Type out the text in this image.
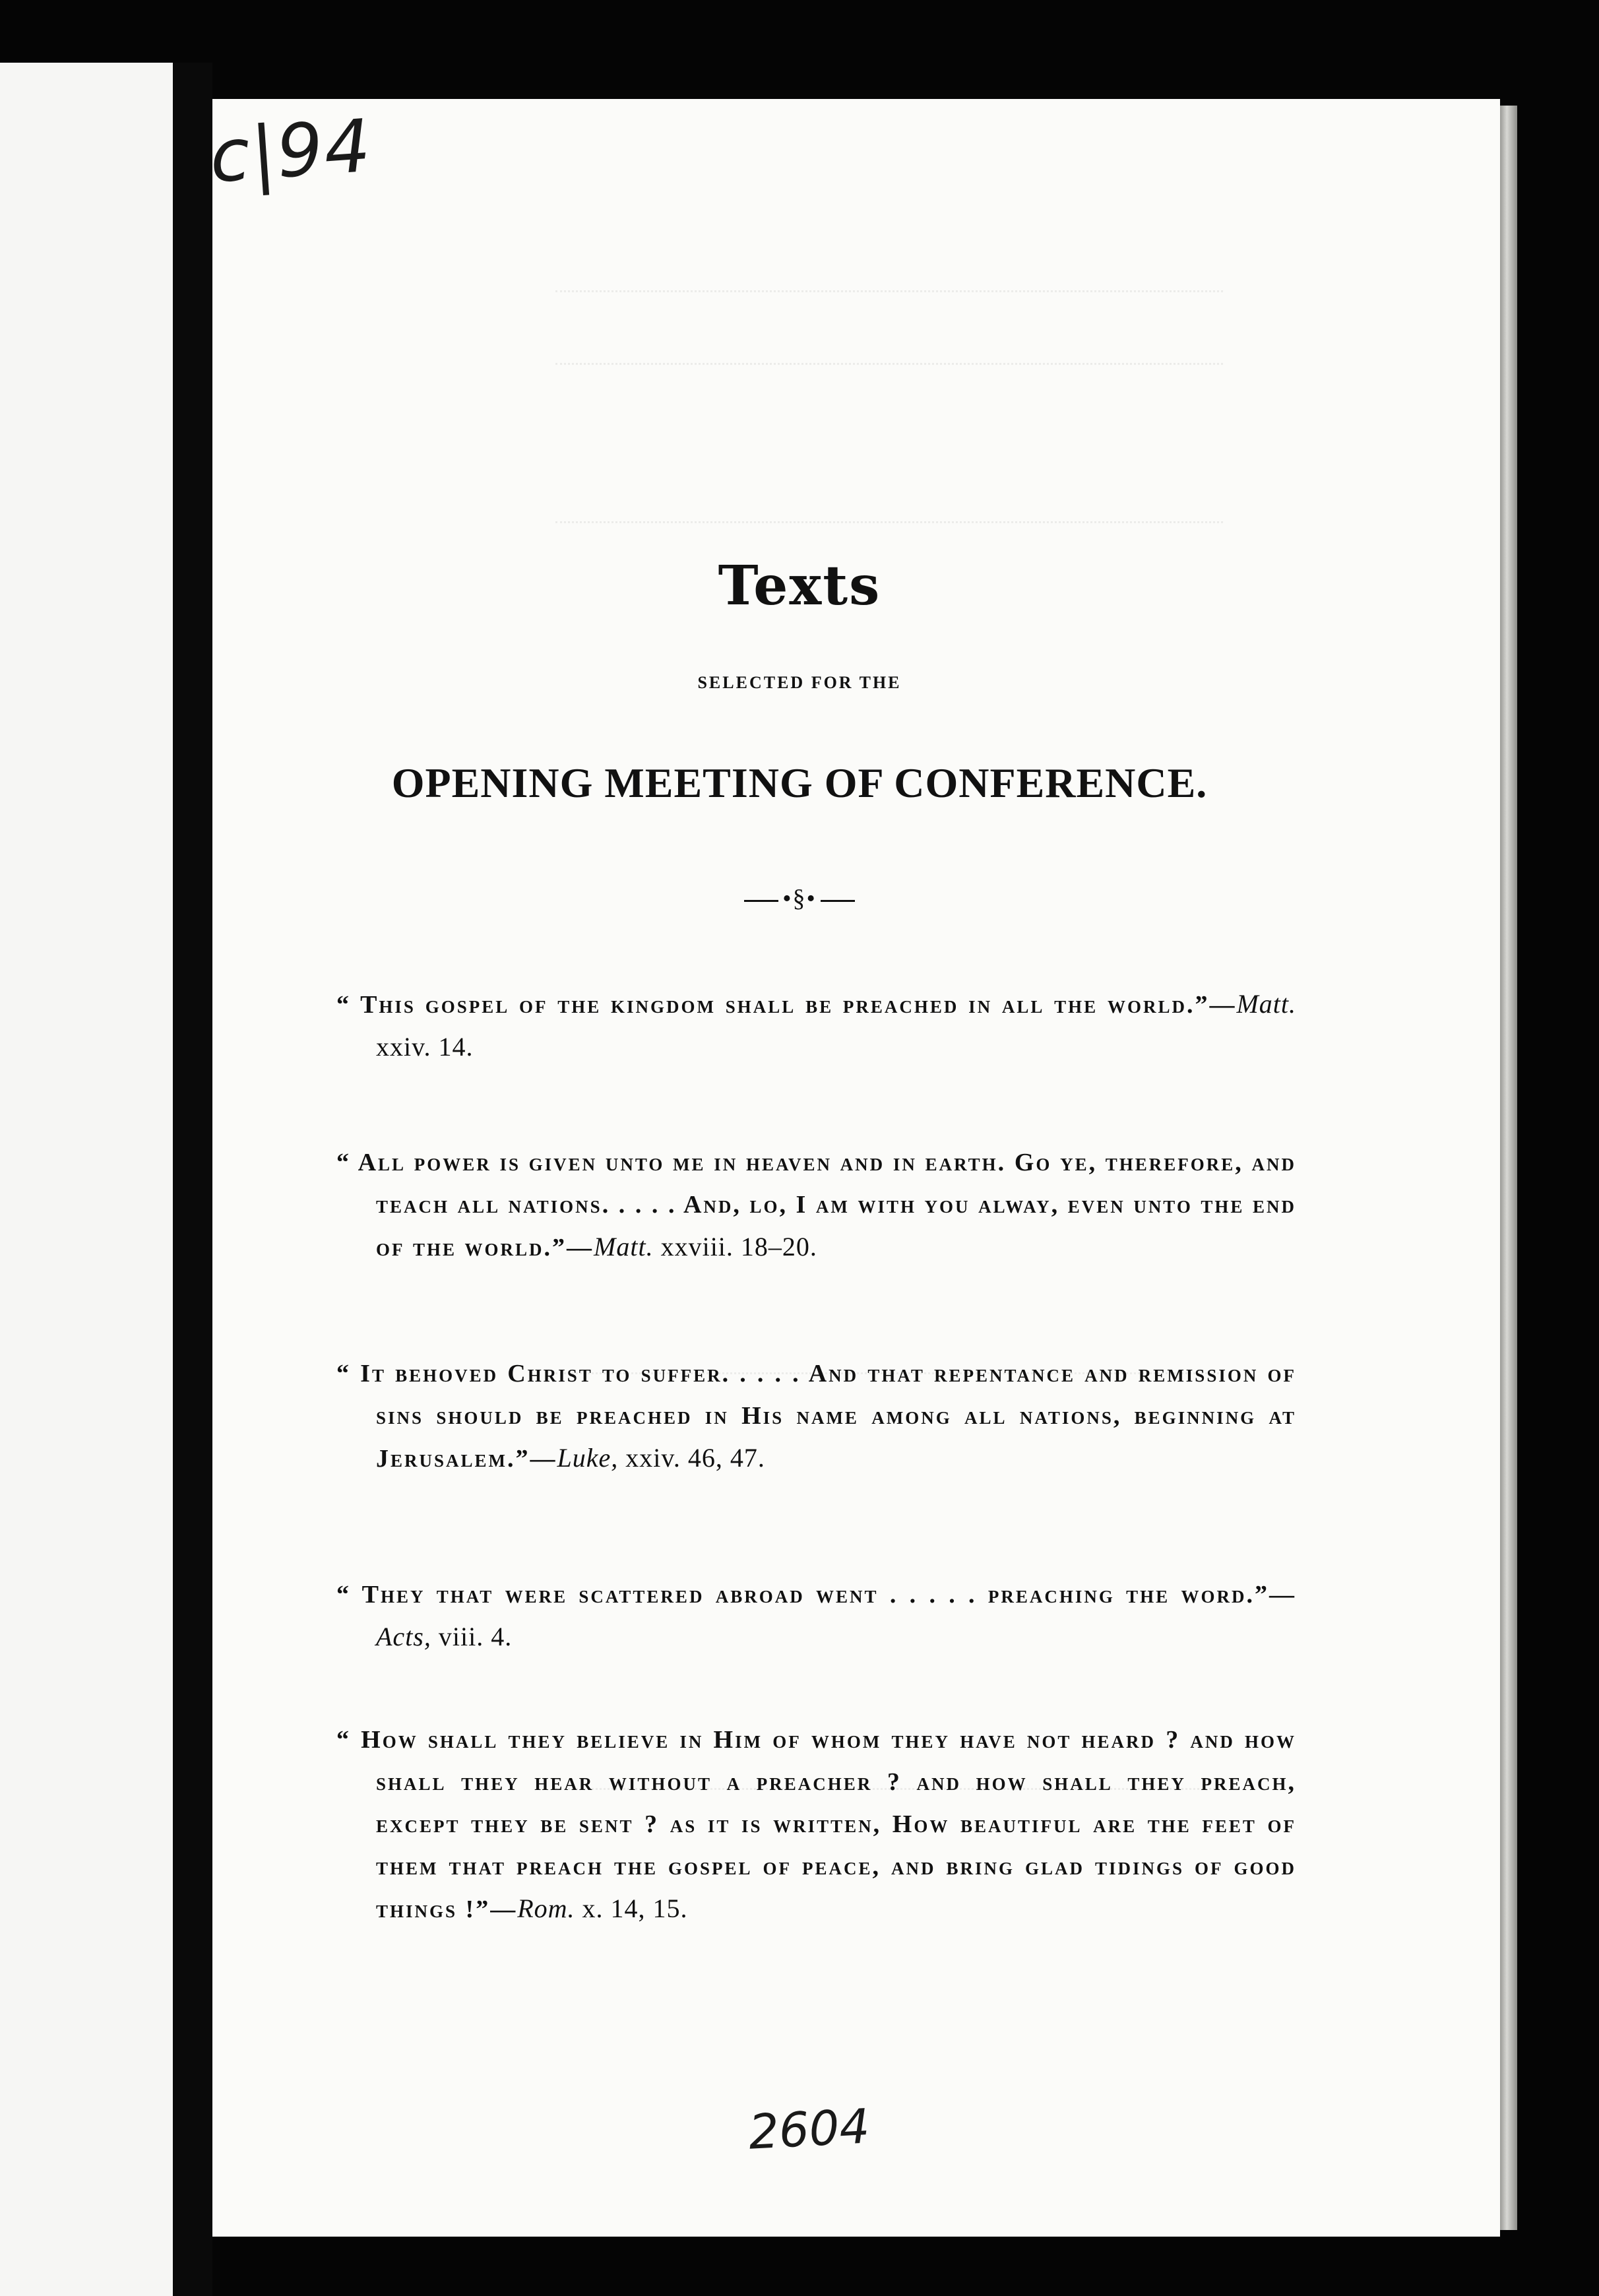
c|94
Texts
SELECTED FOR THE
OPENING MEETING OF CONFERENCE.
•§•
“ This gospel of the kingdom shall be preached in all the world.”—Matt. xxiv. 14.
“ All power is given unto me in heaven and in earth. Go ye, therefore, and teach all nations. . . . . And, lo, I am with you alway, even unto the end of the world.”—Matt. xxviii. 18–20.
“ It behoved Christ to suffer. . . . . And that repentance and remission of sins should be preached in His name among all nations, beginning at Jerusalem.”—Luke, xxiv. 46, 47.
“ They that were scattered abroad went . . . . . preaching the word.”—Acts, viii. 4.
“ How shall they believe in Him of whom they have not heard ? and how shall they hear without a preacher ? and how shall they preach, except they be sent ? as it is written, How beautiful are the feet of them that preach the gospel of peace, and bring glad tidings of good things !”—Rom. x. 14, 15.
2604
